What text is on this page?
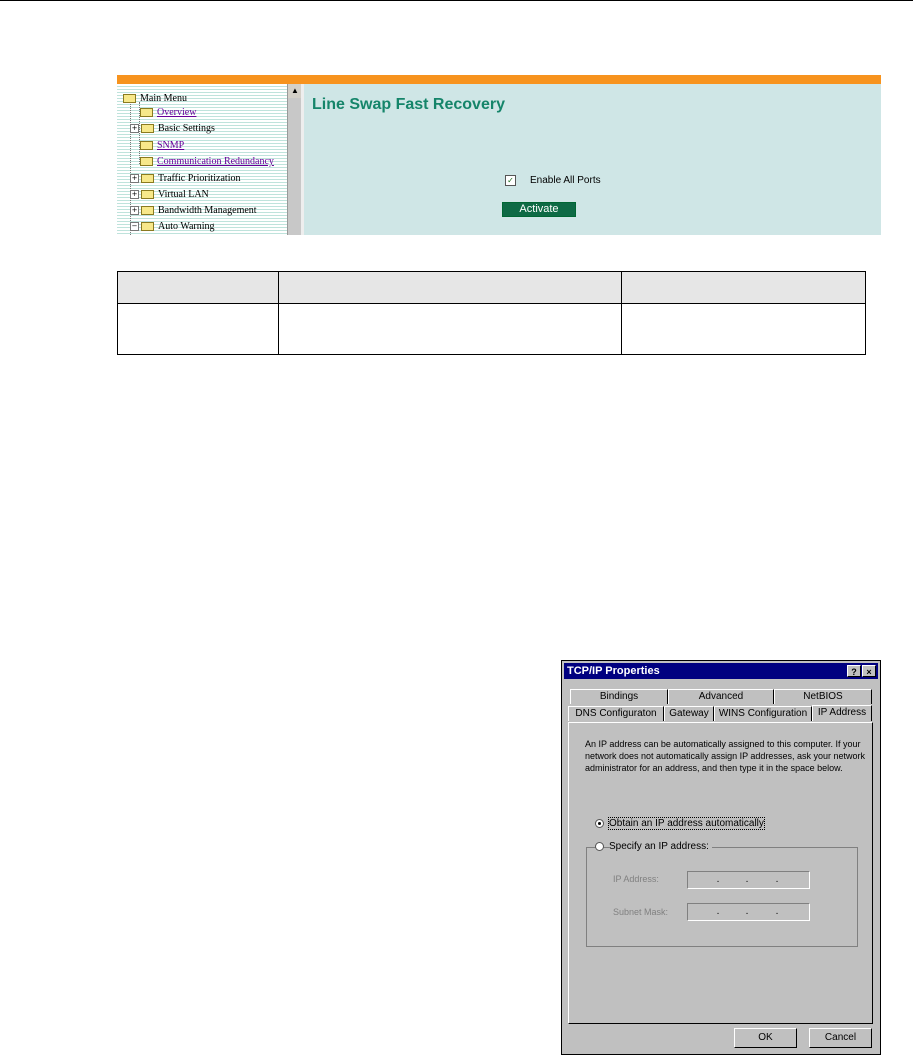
Main Menu
Overview
+ Basic Settings
SNMP
Communication Redundancy
+ Traffic Prioritization
+ Virtual LAN
+ Bandwidth Management
− Auto Warning
▲
Line Swap Fast Recovery
✓ Enable All Ports
Activate
TCP/IP Properties	?	×
Bindings	Advanced	NetBIOS
DNS Configuraton	Gateway	WINS Configuration	IP Address
An IP address can be automatically assigned to this computer. If your network does not automatically assign IP addresses, ask your network administrator for an address, and then type it in the space below.
Obtain an IP address automatically
Specify an IP address:
IP Address:	.	.	.
Subnet Mask:	.	.	.
OK	Cancel
